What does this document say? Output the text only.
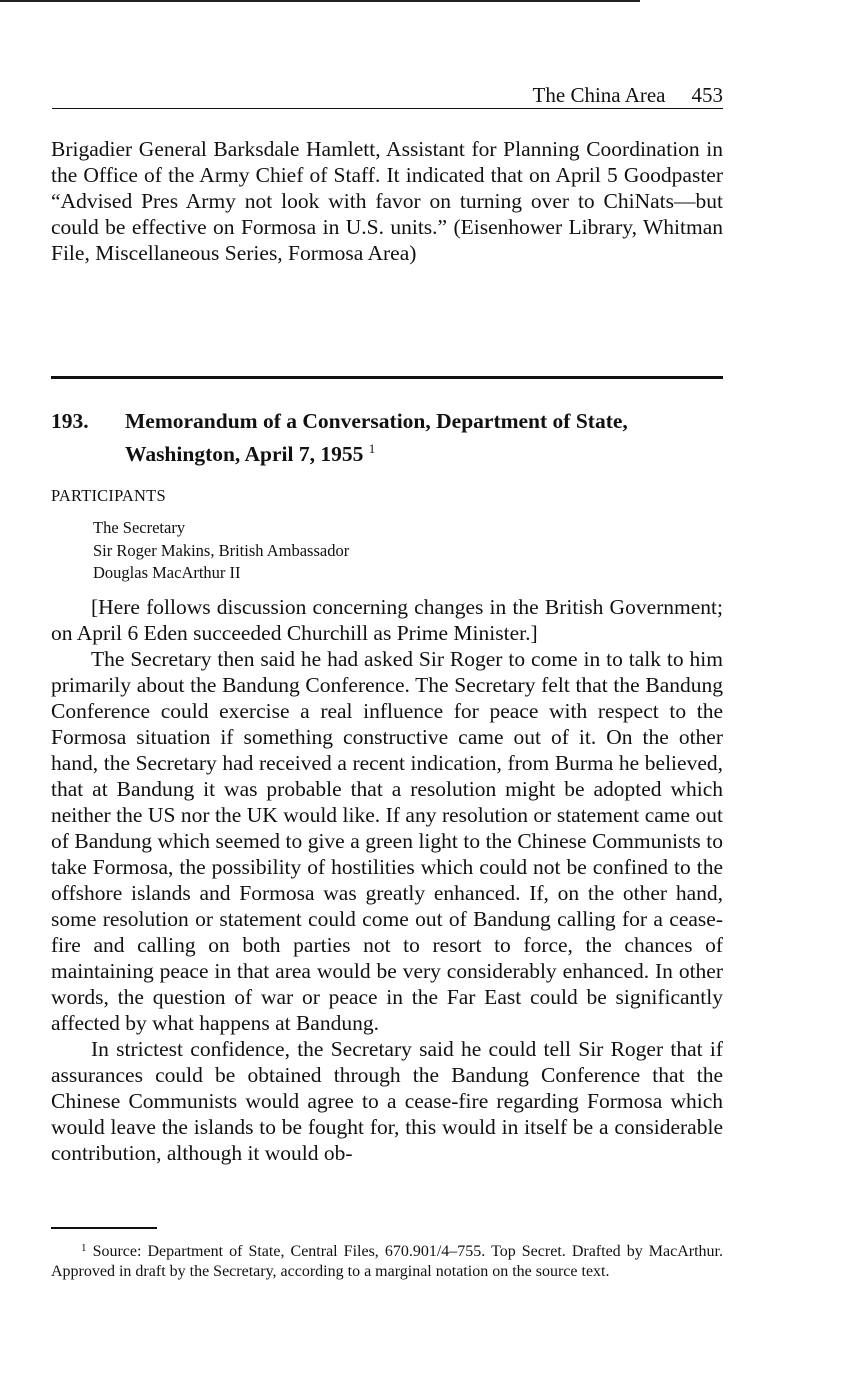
The China Area 453
Brigadier General Barksdale Hamlett, Assistant for Planning Coordination in the Office of the Army Chief of Staff. It indicated that on April 5 Goodpaster “Advised Pres Army not look with favor on turning over to ChiNats—but could be effective on Formosa in U.S. units.” (Eisenhower Library, Whitman File, Miscellaneous Series, Formosa Area)
193. Memorandum of a Conversation, Department of State, Washington, April 7, 1955 $^1$
PARTICIPANTS
The Secretary
Sir Roger Makins, British Ambassador
Douglas MacArthur II

[Here follows discussion concerning changes in the British Government; on April 6 Eden succeeded Churchill as Prime Minister.]

The Secretary then said he had asked Sir Roger to come in to talk to him primarily about the Bandung Conference. The Secretary felt that the Bandung Conference could exercise a real influence for peace with respect to the Formosa situation if something constructive came out of it. On the other hand, the Secretary had received a recent indication, from Burma he believed, that at Bandung it was probable that a resolution might be adopted which neither the US nor the UK would like. If any resolution or statement came out of Bandung which seemed to give a green light to the Chinese Communists to take Formosa, the possibility of hostilities which could not be confined to the offshore islands and Formosa was greatly enhanced. If, on the other hand, some resolution or statement could come out of Bandung calling for a cease-fire and calling on both parties not to resort to force, the chances of maintaining peace in that area would be very considerably enhanced. In other words, the question of war or peace in the Far East could be significantly affected by what happens at Bandung.

In strictest confidence, the Secretary said he could tell Sir Roger that if assurances could be obtained through the Bandung Conference that the Chinese Communists would agree to a cease-fire regarding Formosa which would leave the islands to be fought for, this would in itself be a considerable contribution, although it would ob-

$^1$ Source: Department of State, Central Files, 670.901/4–755. Top Secret. Drafted by MacArthur. Approved in draft by the Secretary, according to a marginal notation on the source text.
